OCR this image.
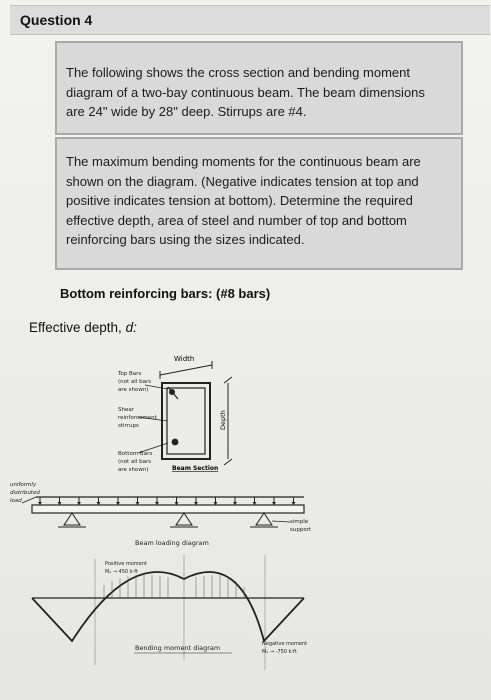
Question 4

The following shows the cross section and bending moment diagram of a two-bay continuous beam. The beam dimensions are 24" wide by 28" deep. Stirrups are #4.

The maximum bending moments for the continuous beam are shown on the diagram. (Negative indicates tension at top and positive indicates tension at bottom). Determine the required effective depth, area of steel and number of top and bottom reinforcing bars using the sizes indicated.

Bottom reinforcing bars: (#8 bars)
Effective depth, d:
Width
Depth
Top Bars
(not all bars
are shown)
Shear
reinforcement
stirrups
Bottom Bars
(not all bars
are shown)	Beam Section
uniformly
distributed
load
simple
support
Beam loading diagram
Positive moment
Mₐ → 450 k·ft
Bending moment diagram	Negative moment
Mₐ → -750 k·ft
